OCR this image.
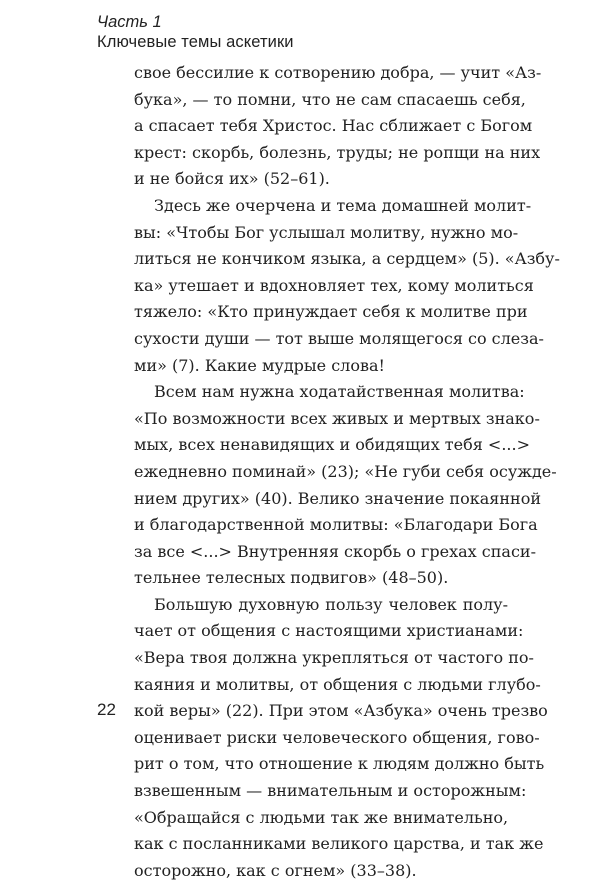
Часть 1
Ключевые темы аскетики

свое бессилие к сотворению добра, — учит «Аз-
бука», — то помни, что не сам спасаешь себя,
а спасает тебя Христос. Нас сближает с Богом
крест: скорбь, болезнь, труды; не ропщи на них
и не бойся их» (52–61).

Здесь же очерчена и тема домашней молит-
вы: «Чтобы Бог услышал молитву, нужно мо-
литься не кончиком языка, а сердцем» (5). «Азбу-
ка» утешает и вдохновляет тех, кому молиться
тяжело: «Кто принуждает себя к молитве при
сухости души — тот выше молящегося со слеза-
ми» (7). Какие мудрые слова!

Всем нам нужна ходатайственная молитва:
«По возможности всех живых и мертвых знако-
мых, всех ненавидящих и обидящих тебя <...>
ежедневно поминай» (23); «Не губи себя осужде-
нием других» (40). Велико значение покаянной
и благодарственной молитвы: «Благодари Бога
за все <...> Внутренняя скорбь о грехах спаси-
тельнее телесных подвигов» (48–50).

Большую духовную пользу человек полу-
чает от общения с настоящими христианами:
«Вера твоя должна укрепляться от частого по-
каяния и молитвы, от общения с людьми глубо-
кой веры» (22). При этом «Азбука» очень трезво
оценивает риски человеческого общения, гово-
рит о том, что отношение к людям должно быть
взвешенным — внимательным и осторожным:
«Обращайся с людьми так же внимательно,
как с посланниками великого царства, и так же
осторожно, как с огнем» (33–38).

22
